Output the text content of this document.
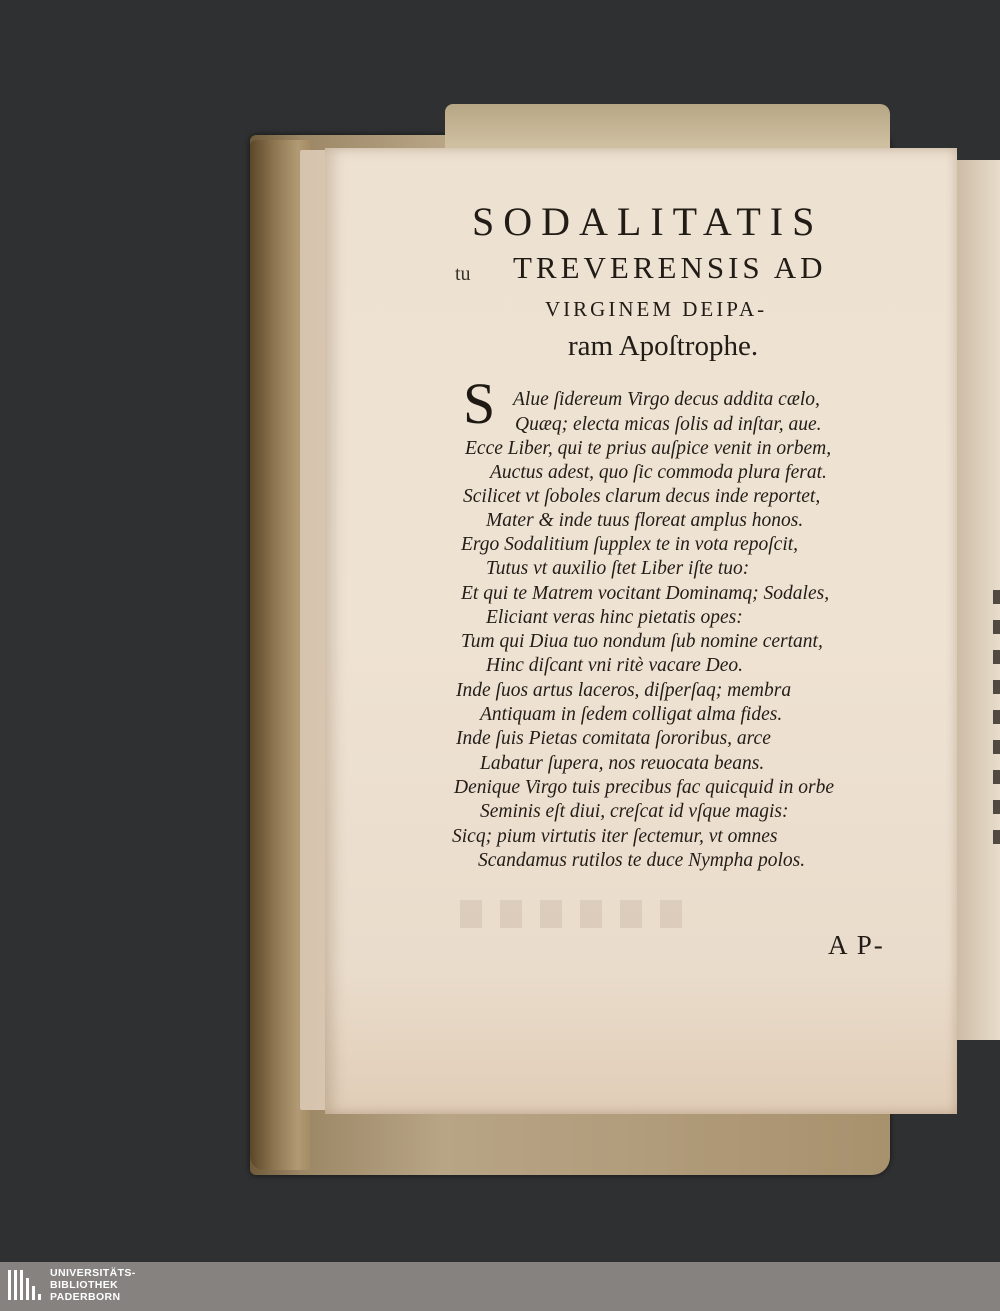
tu
SODALITATIS
TREVERENSIS AD
VIRGINEM DEIPA-
ram Apoſtrophe.
S Alue ſidereum Virgo decus addita cælo,
Quæq; electa micas ſolis ad inſtar, aue.
Ecce Liber, qui te prius auſpice venit in orbem,
Auctus adest, quo ſic commoda plura ferat.
Scilicet vt ſoboles clarum decus inde reportet,
Mater & inde tuus floreat amplus honos.
Ergo Sodalitium ſupplex te in vota repoſcit,
Tutus vt auxilio ſtet Liber iſte tuo:
Et qui te Matrem vocitant Dominamq; Sodales,
Eliciant veras hinc pietatis opes:
Tum qui Diua tuo nondum ſub nomine certant,
Hinc diſcant vni ritè vacare Deo.
Inde ſuos artus laceros, diſperſaq; membra
Antiquam in ſedem colligat alma fides.
Inde ſuis Pietas comitata ſororibus, arce
Labatur ſupera, nos reuocata beans.
Denique Virgo tuis precibus fac quicquid in orbe
Seminis eſt diui, creſcat id vſque magis:
Sicq; pium virtutis iter ſectemur, vt omnes
Scandamus rutilos te duce Nympha polos.
A P-
UNIVERSITÄTS-
BIBLIOTHEK
PADERBORN
